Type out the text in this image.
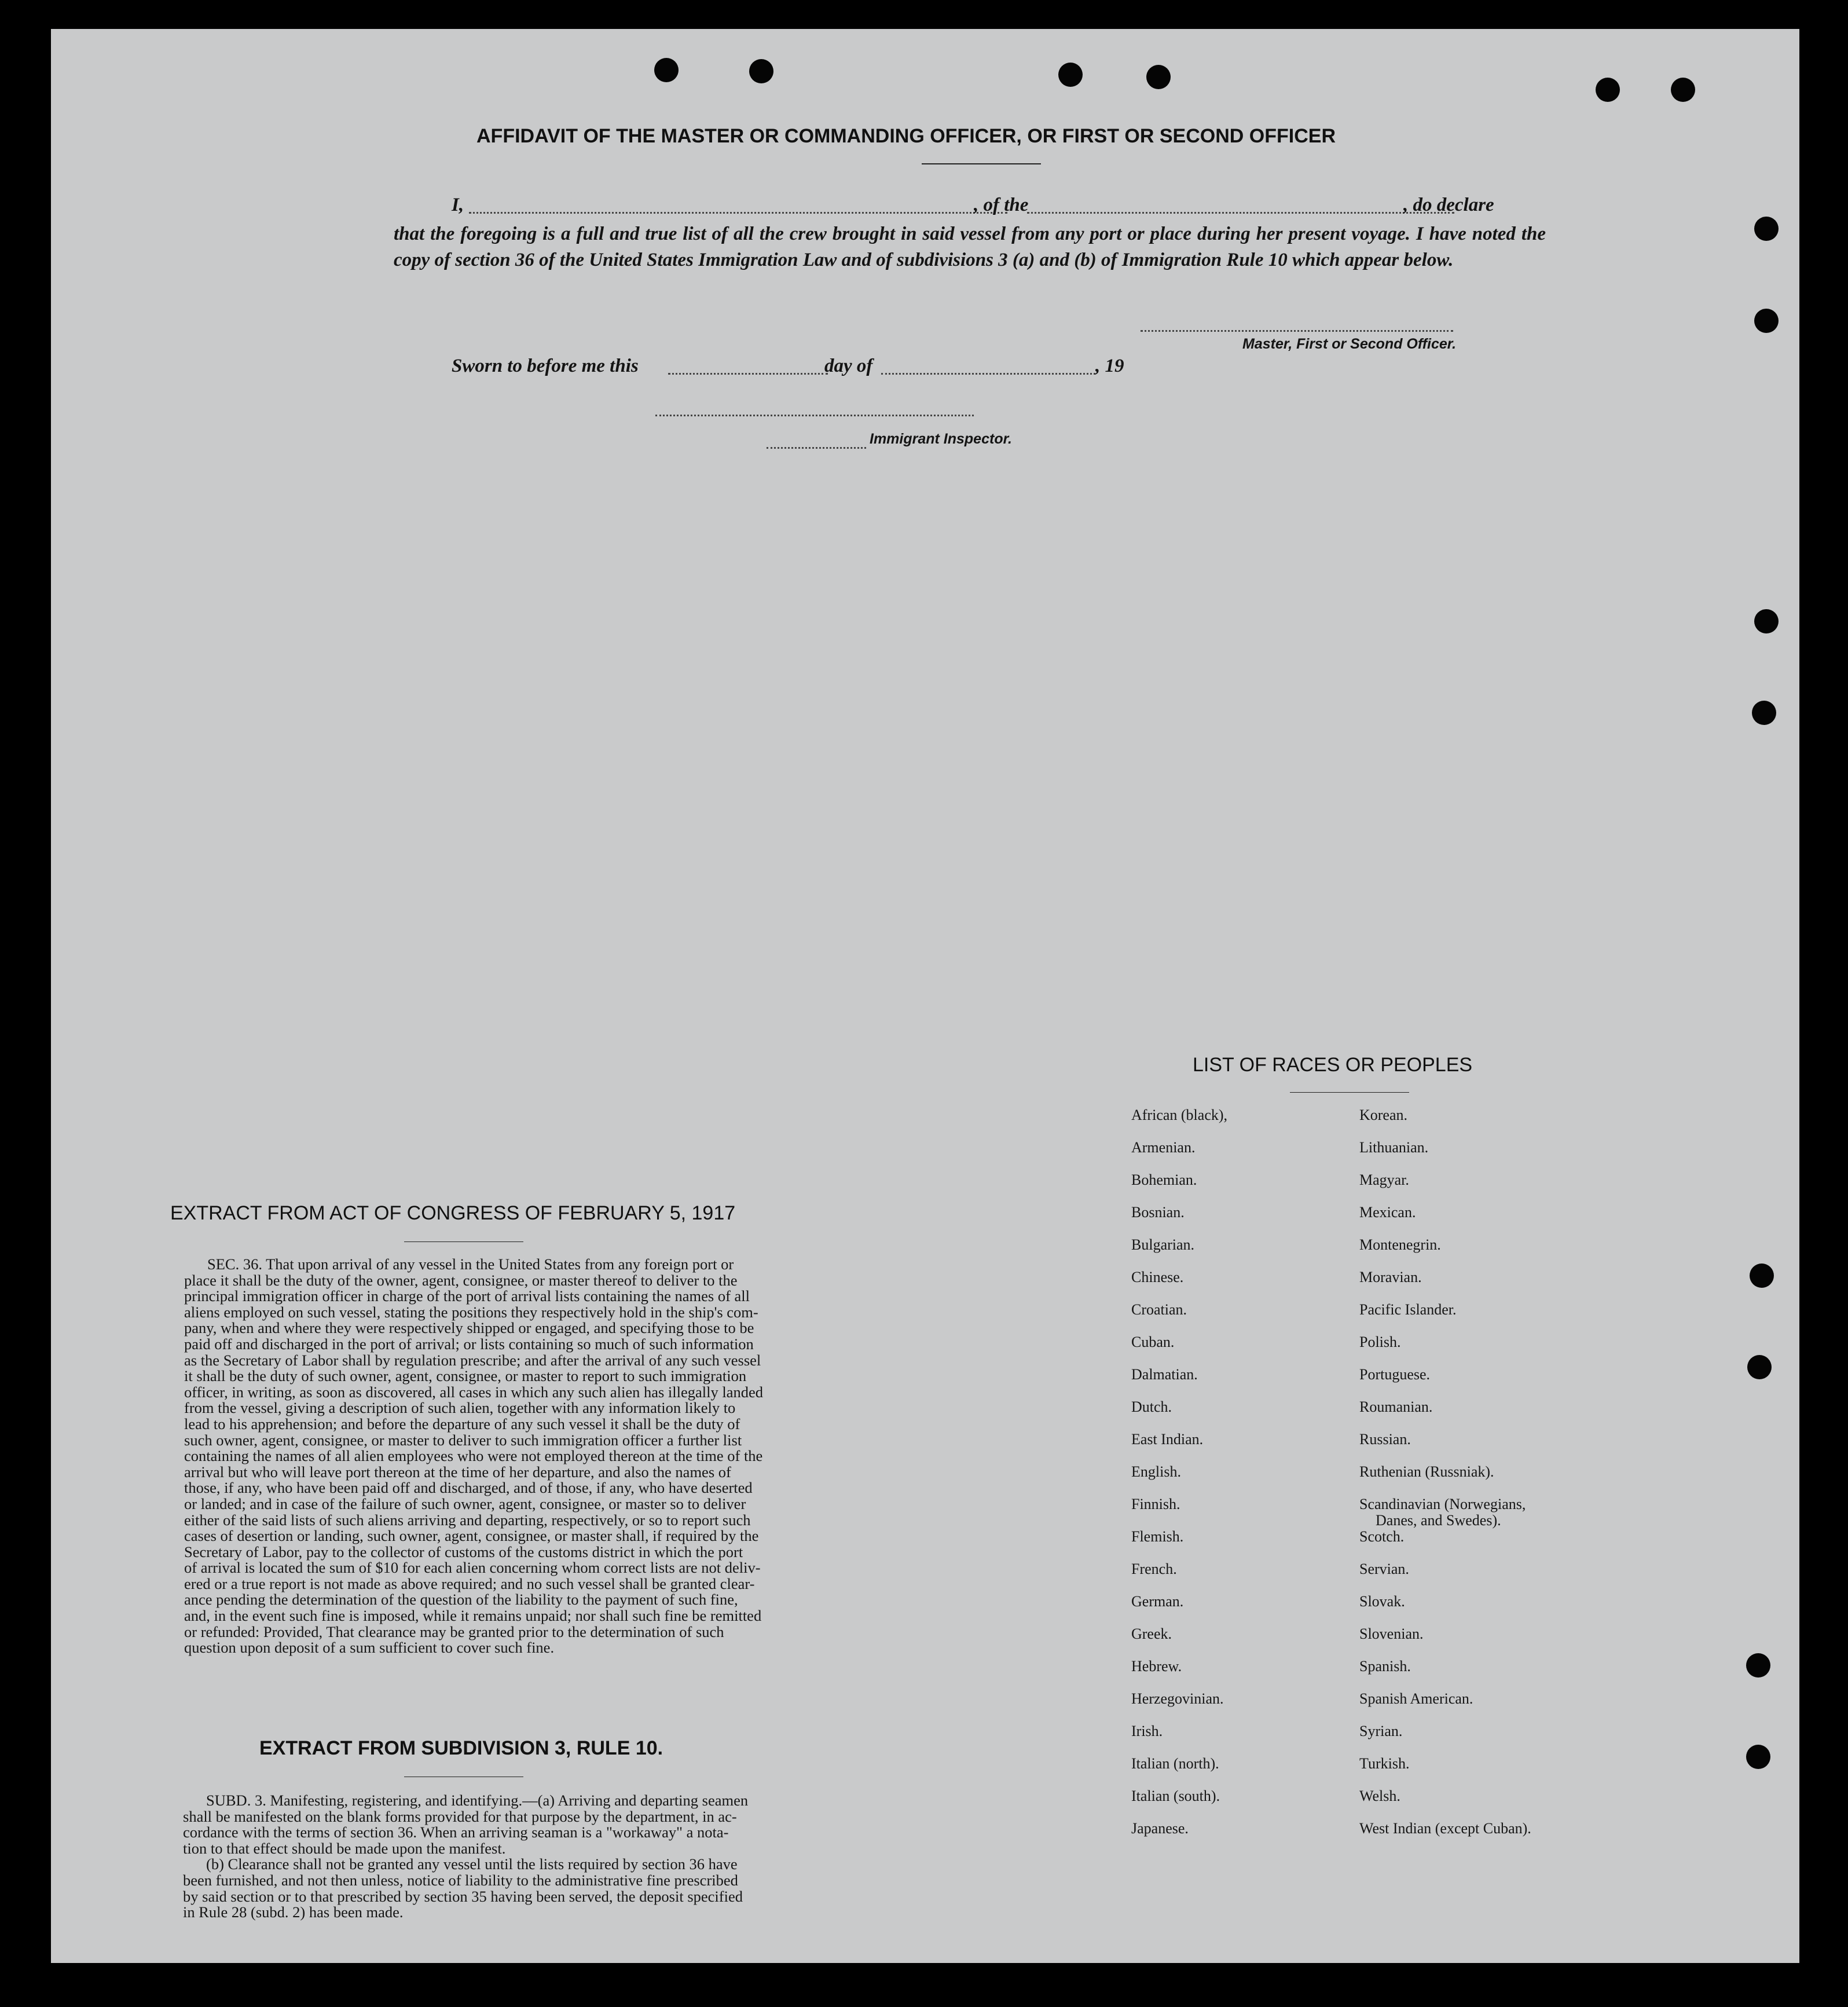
AFFIDAVIT OF THE MASTER OR COMMANDING OFFICER, OR FIRST OR SECOND OFFICER
I,	, of the	, do declare
that the foregoing is a full and true list of all the crew brought in said vessel from any port or place during her present voyage. I have noted the copy of section 36 of the United States Immigration Law and of subdivisions 3 (a) and (b) of Immigration Rule 10 which appear below.
Master, First or Second Officer.
Sworn to before me this	day of	, 19
Immigrant Inspector.
EXTRACT FROM ACT OF CONGRESS OF FEBRUARY 5, 1917
SEC. 36. That upon arrival of any vessel in the United States from any foreign port or
place it shall be the duty of the owner, agent, consignee, or master thereof to deliver to the
principal immigration officer in charge of the port of arrival lists containing the names of all
aliens employed on such vessel, stating the positions they respectively hold in the ship's com-
pany, when and where they were respectively shipped or engaged, and specifying those to be
paid off and discharged in the port of arrival; or lists containing so much of such information
as the Secretary of Labor shall by regulation prescribe; and after the arrival of any such vessel
it shall be the duty of such owner, agent, consignee, or master to report to such immigration
officer, in writing, as soon as discovered, all cases in which any such alien has illegally landed
from the vessel, giving a description of such alien, together with any information likely to
lead to his apprehension; and before the departure of any such vessel it shall be the duty of
such owner, agent, consignee, or master to deliver to such immigration officer a further list
containing the names of all alien employees who were not employed thereon at the time of the
arrival but who will leave port thereon at the time of her departure, and also the names of
those, if any, who have been paid off and discharged, and of those, if any, who have deserted
or landed; and in case of the failure of such owner, agent, consignee, or master so to deliver
either of the said lists of such aliens arriving and departing, respectively, or so to report such
cases of desertion or landing, such owner, agent, consignee, or master shall, if required by the
Secretary of Labor, pay to the collector of customs of the customs district in which the port
of arrival is located the sum of $10 for each alien concerning whom correct lists are not deliv-
ered or a true report is not made as above required; and no such vessel shall be granted clear-
ance pending the determination of the question of the liability to the payment of such fine,
and, in the event such fine is imposed, while it remains unpaid; nor shall such fine be remitted
or refunded: Provided, That clearance may be granted prior to the determination of such
question upon deposit of a sum sufficient to cover such fine.
EXTRACT FROM SUBDIVISION 3, RULE 10.
SUBD. 3. Manifesting, registering, and identifying.—(a) Arriving and departing seamen
shall be manifested on the blank forms provided for that purpose by the department, in ac-
cordance with the terms of section 36. When an arriving seaman is a "workaway" a nota-
tion to that effect should be made upon the manifest.
(b) Clearance shall not be granted any vessel until the lists required by section 36 have
been furnished, and not then unless, notice of liability to the administrative fine prescribed
by said section or to that prescribed by section 35 having been served, the deposit specified
in Rule 28 (subd. 2) has been made.
LIST OF RACES OR PEOPLES
African (black),
Armenian.
Bohemian.
Bosnian.
Bulgarian.
Chinese.
Croatian.
Cuban.
Dalmatian.
Dutch.
East Indian.
English.
Finnish.
Flemish.
French.
German.
Greek.
Hebrew.
Herzegovinian.
Irish.
Italian (north).
Italian (south).
Japanese.
Korean.
Lithuanian.
Magyar.
Mexican.
Montenegrin.
Moravian.
Pacific Islander.
Polish.
Portuguese.
Roumanian.
Russian.
Ruthenian (Russniak).
Scandinavian (Norwegians,
Danes, and Swedes).
Scotch.
Servian.
Slovak.
Slovenian.
Spanish.
Spanish American.
Syrian.
Turkish.
Welsh.
West Indian (except Cuban).
